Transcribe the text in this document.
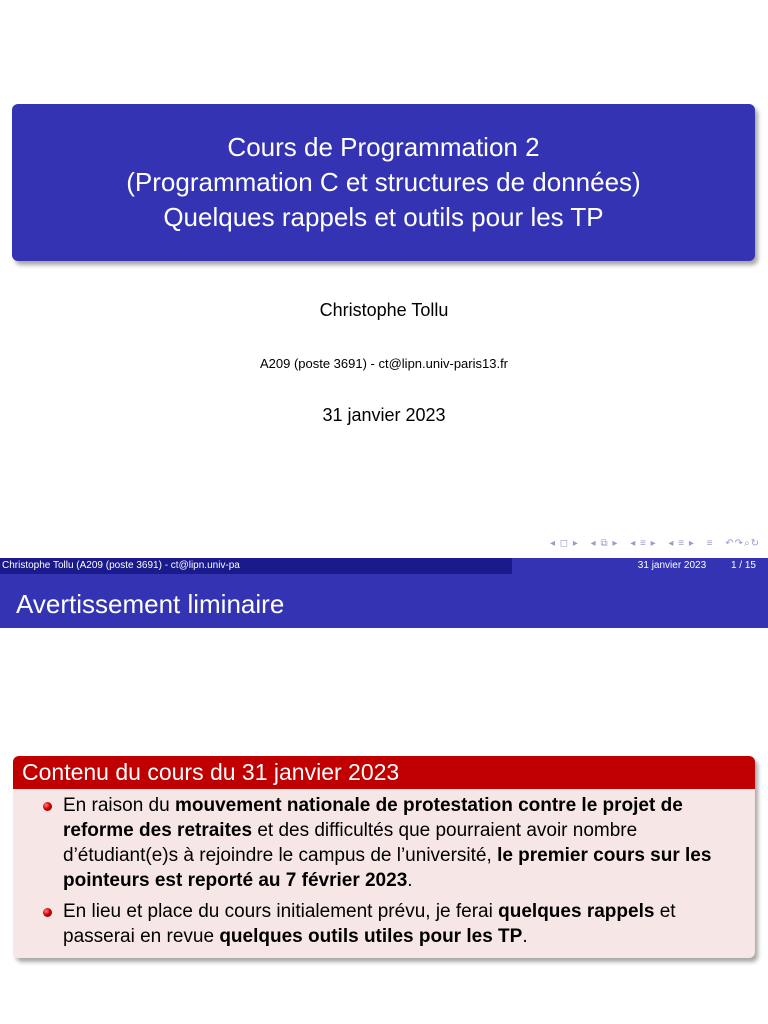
Cours de Programmation 2
(Programmation C et structures de données)
Quelques rappels et outils pour les TP
Christophe Tollu
A209 (poste 3691) - ct@lipn.univ-paris13.fr
31 janvier 2023
◂ ◻ ▸ ◂ ⧉ ▸ ◂ ≡ ▸ ◂ ≡ ▸ ≡ ↶↷⌕↻
Christophe Tollu (A209 (poste 3691) - ct@lipn.univ-pa	31 janvier 2023 1 / 15
Avertissement liminaire
Contenu du cours du 31 janvier 2023
En raison du mouvement nationale de protestation contre le projet de reforme des retraites et des difficultés que pourraient avoir nombre d’étudiant(e)s à rejoindre le campus de l’université, le premier cours sur les pointeurs est reporté au 7 février 2023.
En lieu et place du cours initialement prévu, je ferai quelques rappels et passerai en revue quelques outils utiles pour les TP.
